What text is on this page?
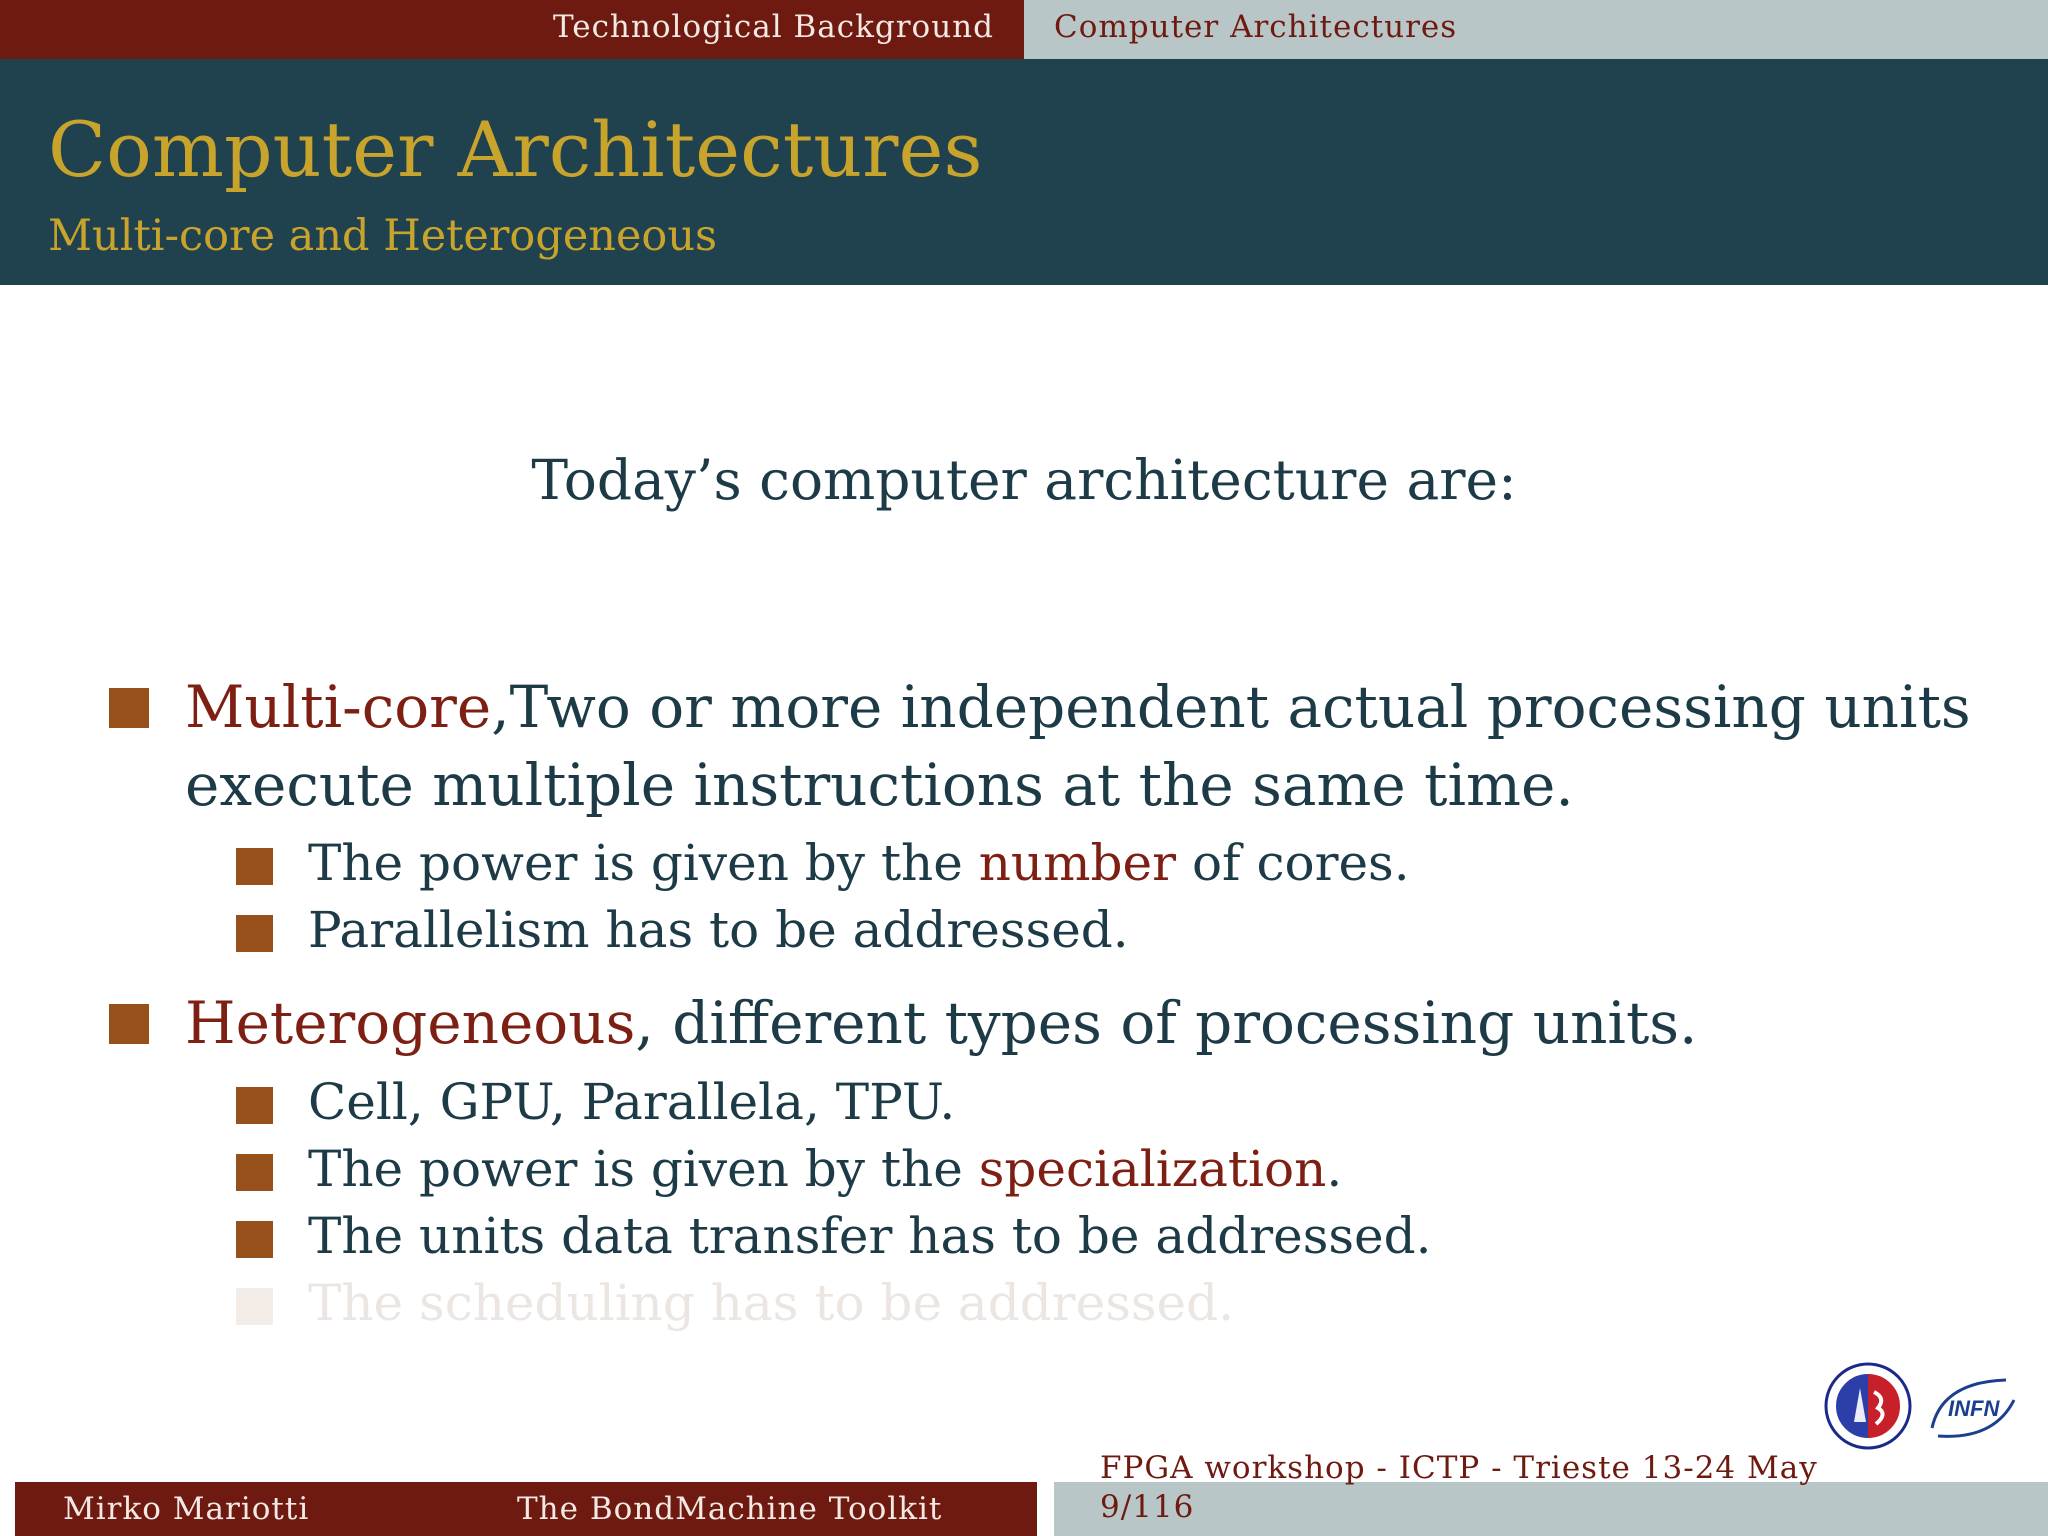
Technological Background Computer Architectures
Computer Architectures
Multi-core and Heterogeneous
Today’s computer architecture are:
Multi-core,Two or more independent actual processing units
execute multiple instructions at the same time.
The power is given by the number of cores.
Parallelism has to be addressed.
Heterogeneous, different types of processing units.
Cell, GPU, Parallela, TPU.
The power is given by the specialization.
The units data transfer has to be addressed.
The scheduling has to be addressed.
INFN
Mirko Mariotti	The BondMachine Toolkit
FPGA workshop - ICTP - Trieste 13-24 May
9/116
